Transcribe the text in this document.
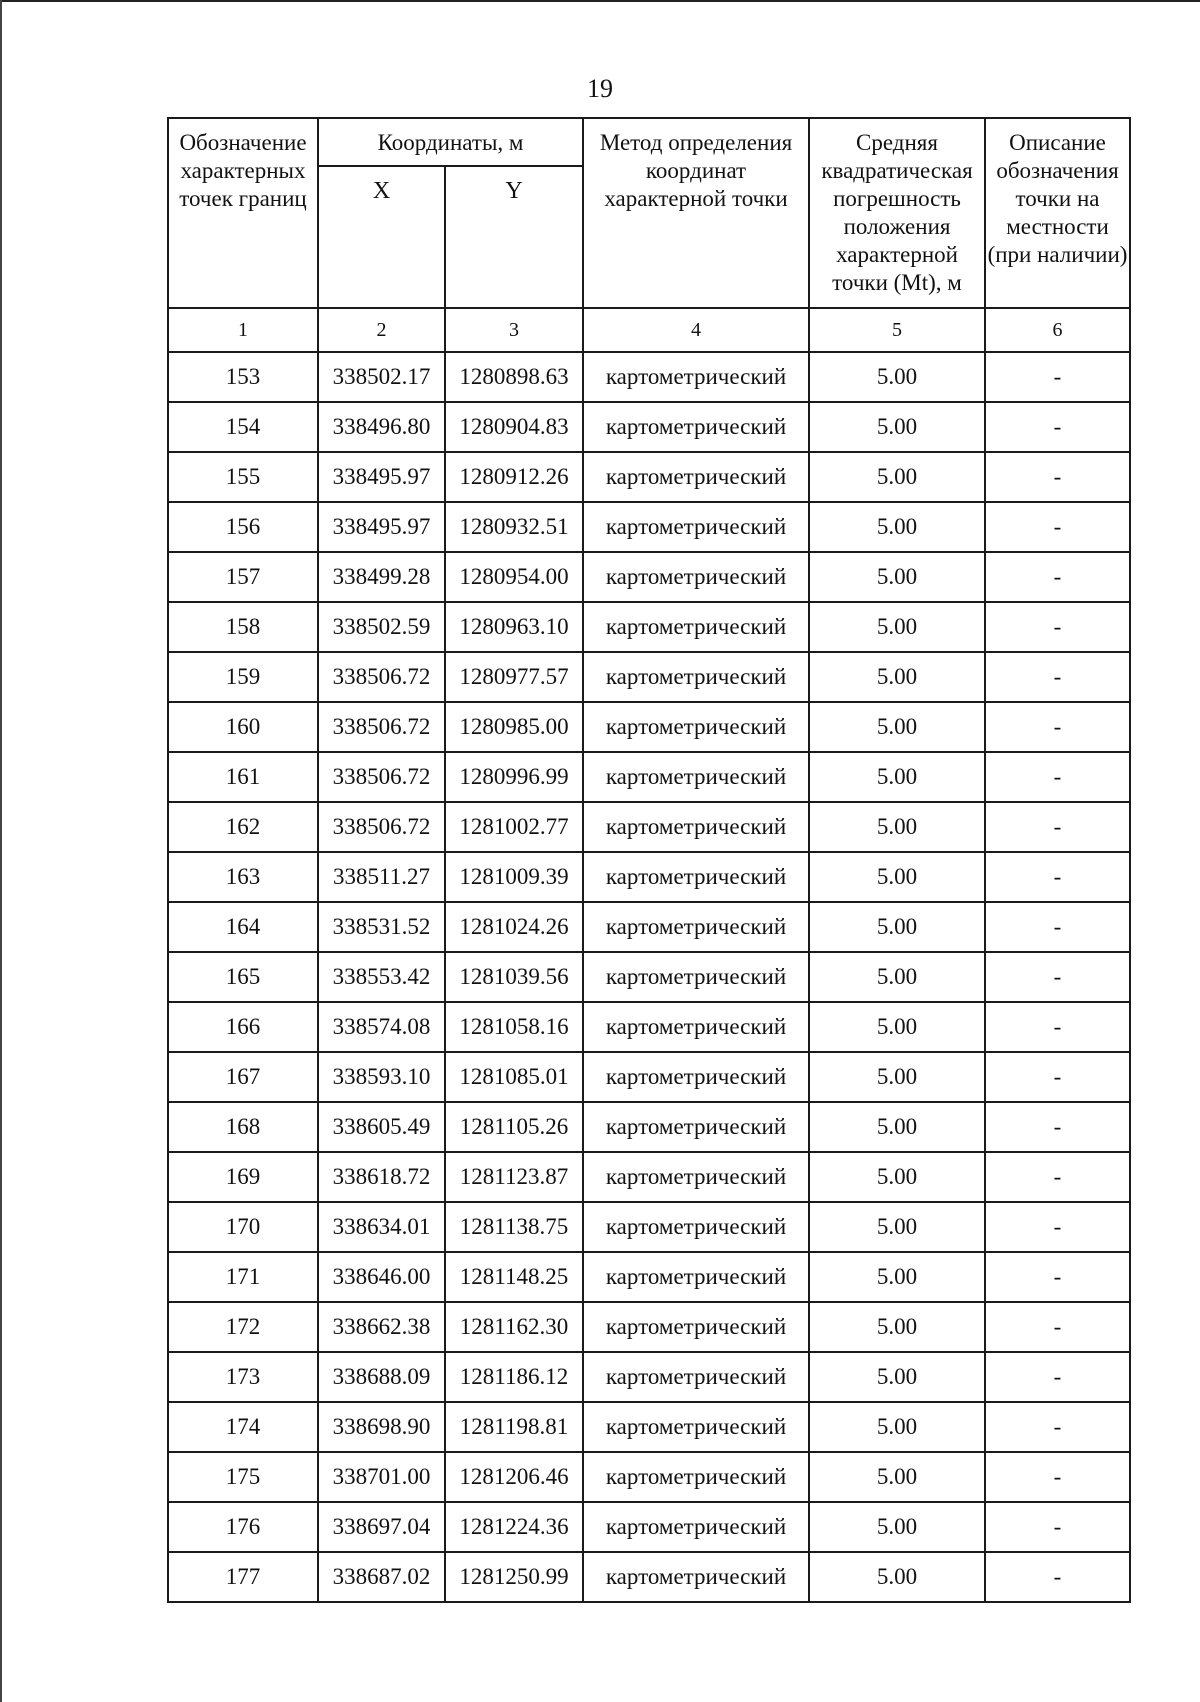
19
Обозначение характерных точек границ	Координаты, м		Метод определения координат характерной точки	Средняя квадратическая погрешность положения характерной точки (Mt), м	Описание обозначения точки на местности (при наличии)
	X	Y			
1	2	3	4	5	6
153	338502.17	1280898.63	картометрический	5.00	-
154	338496.80	1280904.83	картометрический	5.00	-
155	338495.97	1280912.26	картометрический	5.00	-
156	338495.97	1280932.51	картометрический	5.00	-
157	338499.28	1280954.00	картометрический	5.00	-
158	338502.59	1280963.10	картометрический	5.00	-
159	338506.72	1280977.57	картометрический	5.00	-
160	338506.72	1280985.00	картометрический	5.00	-
161	338506.72	1280996.99	картометрический	5.00	-
162	338506.72	1281002.77	картометрический	5.00	-
163	338511.27	1281009.39	картометрический	5.00	-
164	338531.52	1281024.26	картометрический	5.00	-
165	338553.42	1281039.56	картометрический	5.00	-
166	338574.08	1281058.16	картометрический	5.00	-
167	338593.10	1281085.01	картометрический	5.00	-
168	338605.49	1281105.26	картометрический	5.00	-
169	338618.72	1281123.87	картометрический	5.00	-
170	338634.01	1281138.75	картометрический	5.00	-
171	338646.00	1281148.25	картометрический	5.00	-
172	338662.38	1281162.30	картометрический	5.00	-
173	338688.09	1281186.12	картометрический	5.00	-
174	338698.90	1281198.81	картометрический	5.00	-
175	338701.00	1281206.46	картометрический	5.00	-
176	338697.04	1281224.36	картометрический	5.00	-
177	338687.02	1281250.99	картометрический	5.00	-
